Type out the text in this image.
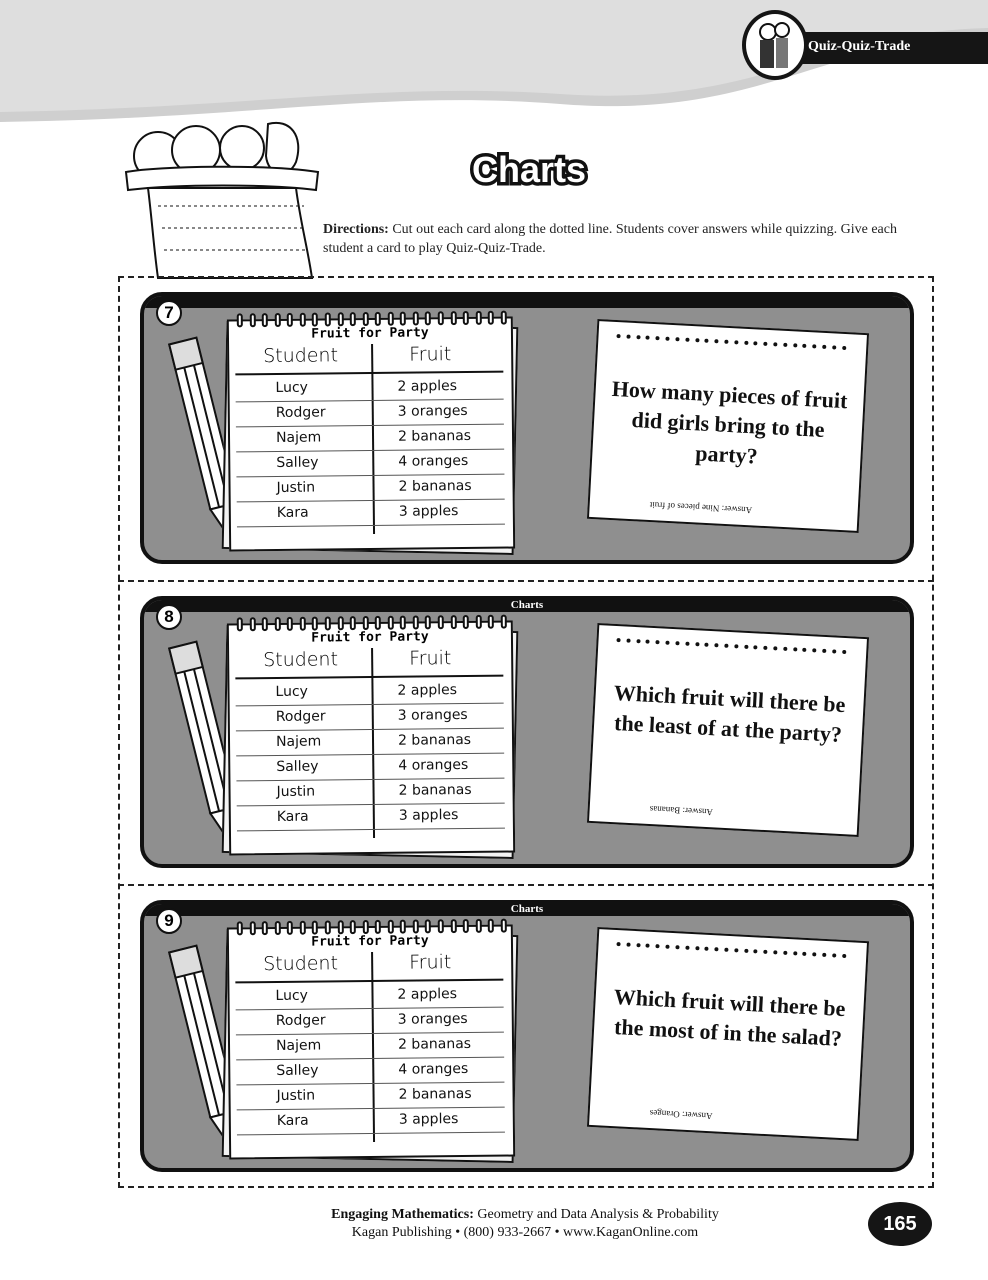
Quiz-Quiz-Trade
Charts
Directions: Cut out each card along the dotted line. Students cover answers while quizzing. Give each student a card to play Quiz-Quiz-Trade.
7
Fruit for Party
Student	Fruit
Lucy	2 apples
Rodger	3 oranges
Najem	2 bananas
Salley	4 oranges
Justin	2 bananas
Kara	3 apples
How many pieces of fruit did girls bring to the party?
Answer: Nine pieces of fruit
Charts
8
Fruit for Party
Student	Fruit
Lucy	2 apples
Rodger	3 oranges
Najem	2 bananas
Salley	4 oranges
Justin	2 bananas
Kara	3 apples
Which fruit will there be the least of at the party?
Answer: Bananas
Charts
9
Fruit for Party
Student	Fruit
Lucy	2 apples
Rodger	3 oranges
Najem	2 bananas
Salley	4 oranges
Justin	2 bananas
Kara	3 apples
Which fruit will there be the most of in the salad?
Answer: Oranges
Engaging Mathematics: Geometry and Data Analysis & Probability
Kagan Publishing • (800) 933-2667 • www.KaganOnline.com	165
